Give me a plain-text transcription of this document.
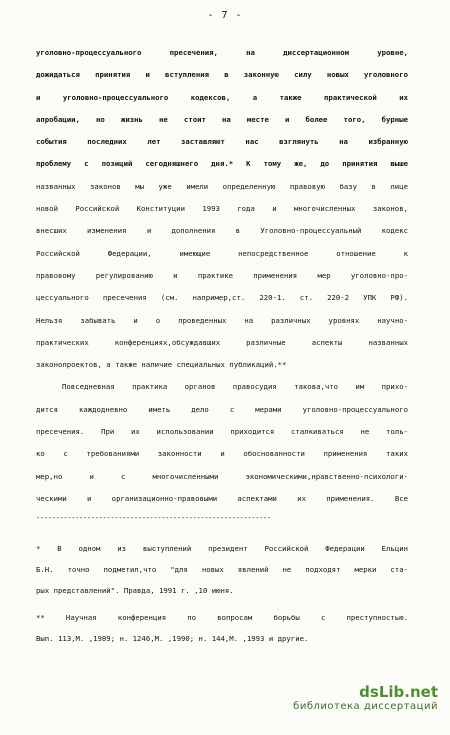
- 7 -
уголовно-процессуального пресечения, на диссертационном уровне,
дожидаться принятия и вступления в законную силу новых уголовного
и уголовно-процессуального кодексов, а также практической их
апробации, но жизнь не стоит на месте и более того, бурные
события последних лет заставляют нас взглянуть на избранную
проблему с позиций сегодняшнего дня.* К тому же, до принятия выше
названных законов мы уже имели определенную правовую базу в лице
новой Российской Конституции 1993 года и многочисленных законов,
внесших изменения и дополнения в Уголовно-процессуальный кодекс
Российской Федерации, имеющие непосредственное отношение к
правовому регулированию и практике применения мер уголовно-про-
цессуального пресечения (см. например,ст. 220-1. ст. 220-2 УПК РФ).
Нельзя забывать и о проведенных на различных уровнях научно-
практических конференциях,обсуждавших различные аспекты названных
законопроектов, а также наличие специальных публикаций.**
Повседневная практика органов правосудия такова,что им прихо-
дится каждодневно иметь дело с мерами уголовно-процессуального
пресечения. При их использовании приходится сталкиваться не толь-
ко с требованиями законности и обоснованности применения таких
мер,но и с многочисленными экономическими,нравственно-психологи-
ческими и организационно-правовыми аспектами их применения. Все
------------------------------------------------------------
* В одном из выступлений президент Российской Федерации Ельцин
Б.Н. точно подметил,что "для новых явлений не подходят мерки ста-
рых представлений". Правда, 1991 г. ,10 июня.
** Научная конференция по вопросам борьбы с преступностью.
Вып. 113,М. ,1989; н. 1246,М. ,1990; н. 144,М. ,1993 и другие.
dsLib.net
библиотека диссертаций
